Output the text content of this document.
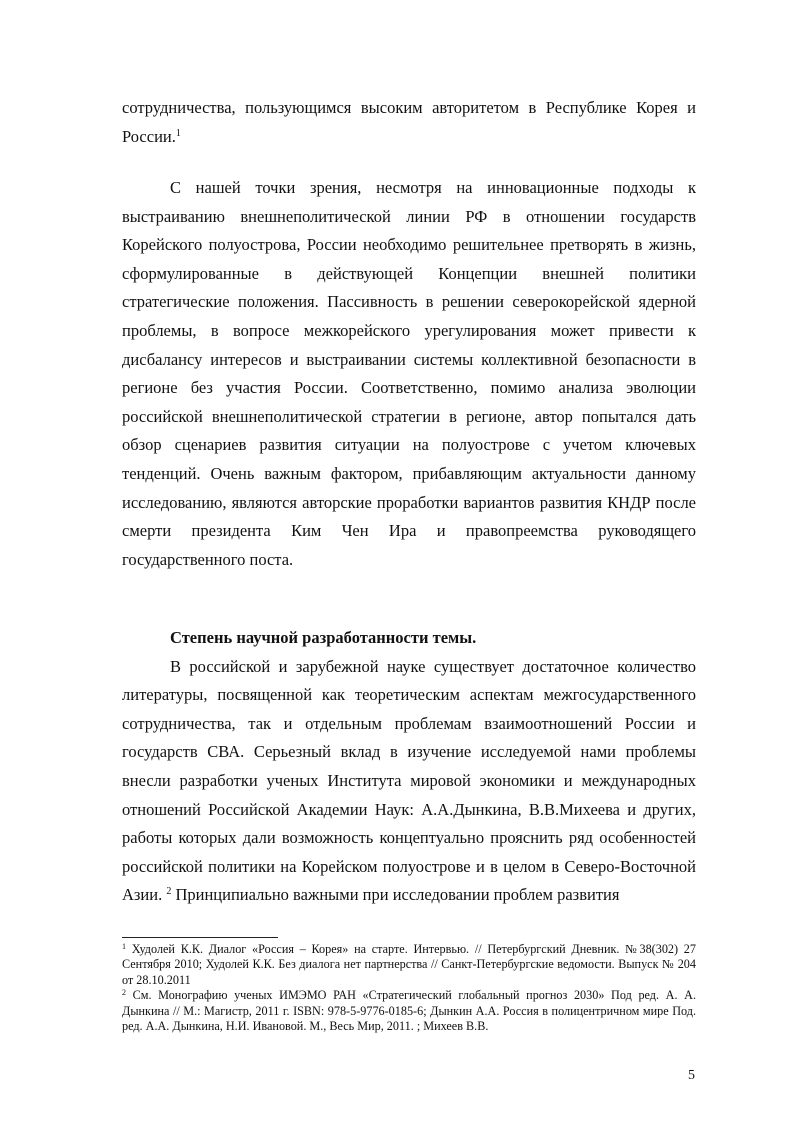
сотрудничества, пользующимся высоким авторитетом в Республике Корея и России.$^1$

С нашей точки зрения, несмотря на инновационные подходы к выстраиванию внешнеполитической линии РФ в отношении государств Корейского полуострова, России необходимо решительнее претворять в жизнь, сформулированные в действующей Концепции внешней политики стратегические положения. Пассивность в решении северокорейской ядерной проблемы, в вопросе межкорейского урегулирования может привести к дисбалансу интересов и выстраивании системы коллективной безопасности в регионе без участия России. Соответственно, помимо анализа эволюции российской внешнеполитической стратегии в регионе, автор попытался дать обзор сценариев развития ситуации на полуострове с учетом ключевых тенденций. Очень важным фактором, прибавляющим актуальности данному исследованию, являются авторские проработки вариантов развития КНДР после смерти президента Ким Чен Ира и правопреемства руководящего государственного поста.

Степень научной разработанности темы.

В российской и зарубежной науке существует достаточное количество литературы, посвященной как теоретическим аспектам межгосударственного сотрудничества, так и отдельным проблемам взаимоотношений России и государств СВА. Серьезный вклад в изучение исследуемой нами проблемы внесли разработки ученых Института мировой экономики и международных отношений Российской Академии Наук: А.А.Дынкина, В.В.Михеева и других, работы которых дали возможность концептуально прояснить ряд особенностей российской политики на Корейском полуострове и в целом в Северо-Восточной Азии. $^2$ Принципиально важными при исследовании проблем развития

$^1$ Худолей К.К. Диалог «Россия – Корея» на старте. Интервью. // Петербургский Дневник. №38(302) 27 Сентября 2010; Худолей К.К. Без диалога нет партнерства // Санкт-Петербургские ведомости. Выпуск № 204 от 28.10.2011

$^2$ См. Монографию ученых ИМЭМО РАН «Стратегический глобальный прогноз 2030» Под ред. А. А. Дынкина // М.: Магистр, 2011 г. ISBN: 978-5-9776-0185-6; Дынкин А.А. Россия в полицентричном мире Под. ред. А.А. Дынкина, Н.И. Ивановой. М., Весь Мир, 2011. ; Михеев В.В.

5
